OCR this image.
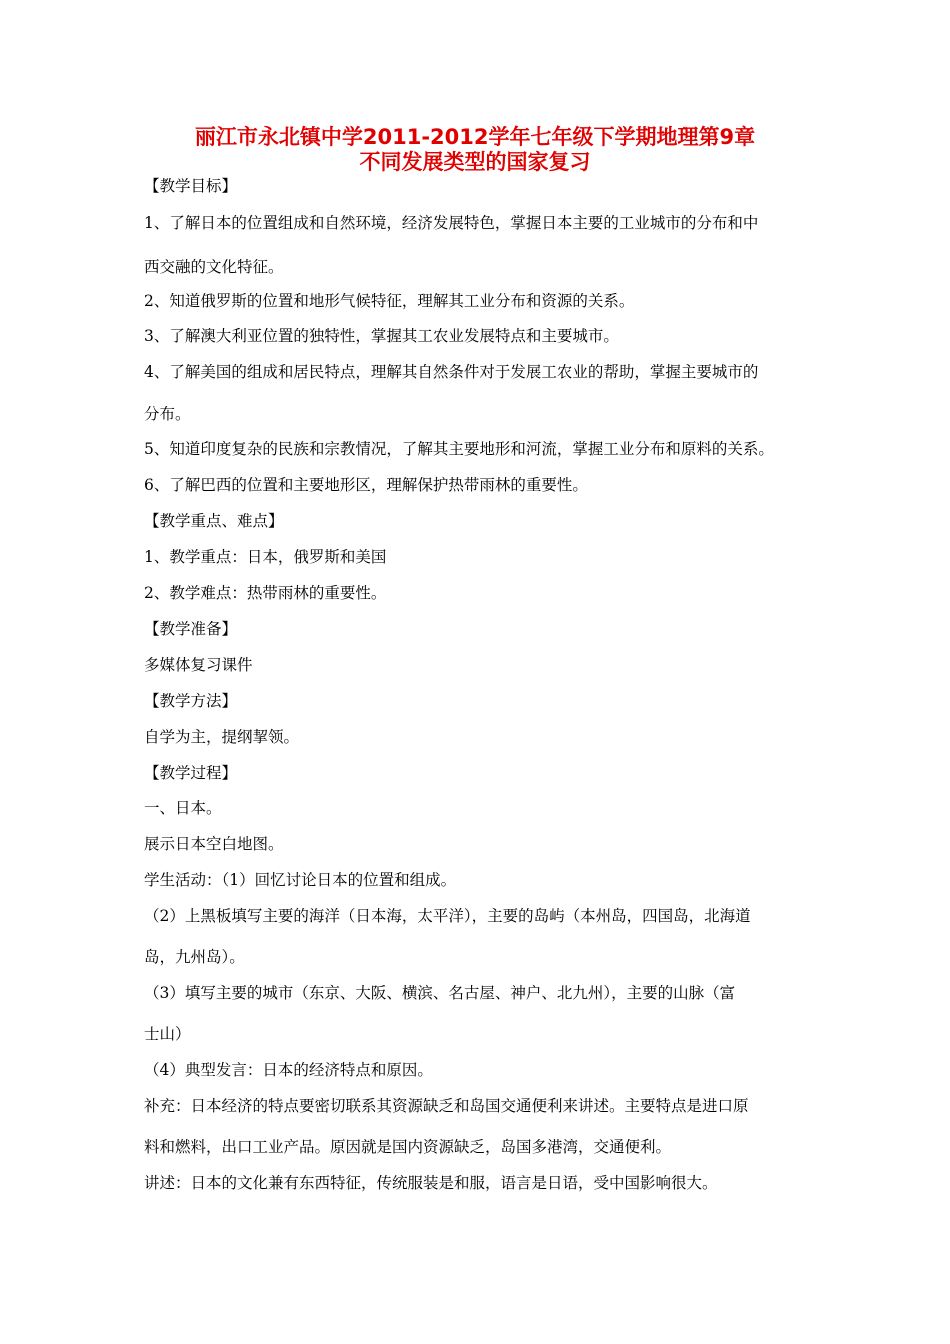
丽江市永北镇中学2011-2012学年七年级下学期地理第9章
不同发展类型的国家复习
【教学目标】
1、了解日本的位置组成和自然环境，经济发展特色，掌握日本主要的工业城市的分布和中
西交融的文化特征。
2、知道俄罗斯的位置和地形气候特征，理解其工业分布和资源的关系。
3、了解澳大利亚位置的独特性，掌握其工农业发展特点和主要城市。
4、了解美国的组成和居民特点，理解其自然条件对于发展工农业的帮助，掌握主要城市的
分布。
5、知道印度复杂的民族和宗教情况，了解其主要地形和河流，掌握工业分布和原料的关系。
6、了解巴西的位置和主要地形区，理解保护热带雨林的重要性。
【教学重点、难点】
1、教学重点：日本，俄罗斯和美国
2、教学难点：热带雨林的重要性。
【教学准备】
多媒体复习课件
【教学方法】
自学为主，提纲挈领。
【教学过程】
一、日本。
展示日本空白地图。
学生活动：（1）回忆讨论日本的位置和组成。
（2）上黑板填写主要的海洋（日本海，太平洋），主要的岛屿（本州岛，四国岛，北海道
岛，九州岛）。
（3）填写主要的城市（东京、大阪、横滨、名古屋、神户、北九州），主要的山脉（富
士山）
（4）典型发言：日本的经济特点和原因。
补充：日本经济的特点要密切联系其资源缺乏和岛国交通便利来讲述。主要特点是进口原
料和燃料，出口工业产品。原因就是国内资源缺乏，岛国多港湾，交通便利。
讲述：日本的文化兼有东西特征，传统服装是和服，语言是日语，受中国影响很大。
